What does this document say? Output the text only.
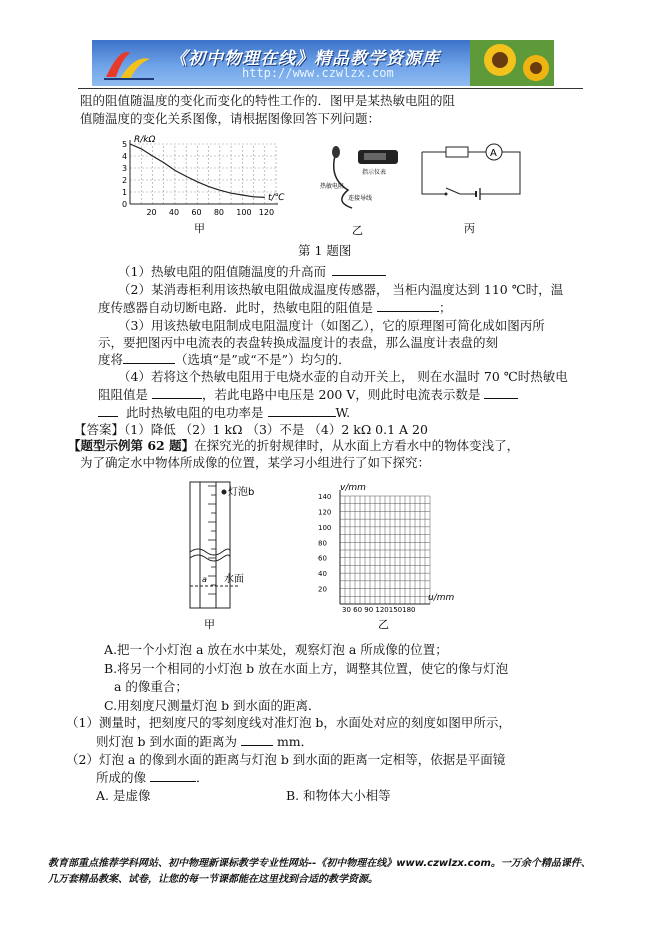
《初中物理在线》精品教学资源库
http://www.czwlzx.com
阻的阻值随温度的变化而变化的特性工作的．图甲是某热敏电阻的阻
值随温度的变化关系图像，请根据图像回答下列问题：
R/kΩ
t/℃
5
4
3
2
1
0
20 40 60 80 100 120
甲
热敏电阻
指示仪表
连接导线
乙
A
丙
第 1 题图
（1）热敏电阻的阻值随温度的升高而
（2）某消毒柜利用该热敏电阻做成温度传感器， 当柜内温度达到 110 ℃时，温
度传感器自动切断电路．此时，热敏电阻的阻值是	；
（3）用该热敏电阻制成电阻温度计（如图乙），它的原理图可简化成如图丙所
示，要把图丙中电流表的表盘转换成温度计的表盘，那么温度计表盘的刻
度将	（选填“是”或“不是”）均匀的．
（4）若将这个热敏电阻用于电烧水壶的自动开关上， 则在水温时 70 ℃时热敏电
阻阻值是	，若此电路中电压是 200 V，则此时电流表示数是
此时热敏电阻的电功率是	W.
【答案】（1）降低 （2）1 kΩ （3）不是 （4）2 kΩ 0.1 A 20
【题型示例第 62 题】在探究光的折射规律时，从水面上方看水中的物体变浅了，
为了确定水中物体所成像的位置，某学习小组进行了如下探究：
灯泡b
水面
a
甲
v/mm
u/mm
140
120
100
80
60
40
20
30 60 90 120150180
乙
A.把一个小灯泡 a 放在水中某处，观察灯泡 a 所成像的位置；
B.将另一个相同的小灯泡 b 放在水面上方，调整其位置，使它的像与灯泡
a 的像重合；
C.用刻度尺测量灯泡 b 到水面的距离．
（1）测量时，把刻度尺的零刻度线对准灯泡 b，水面处对应的刻度如图甲所示，
则灯泡 b 到水面的距离为	mm．
（2）灯泡 a 的像到水面的距离与灯泡 b 到水面的距离一定相等，依据是平面镜
所成的像	．
A. 是虚像	B. 和物体大小相等
教育部重点推荐学科网站、初中物理新课标教学专业性网站--《初中物理在线》www.czwlzx.com。一万余个精品课件、
几万套精品教案、试卷，让您的每一节课都能在这里找到合适的教学资源。
